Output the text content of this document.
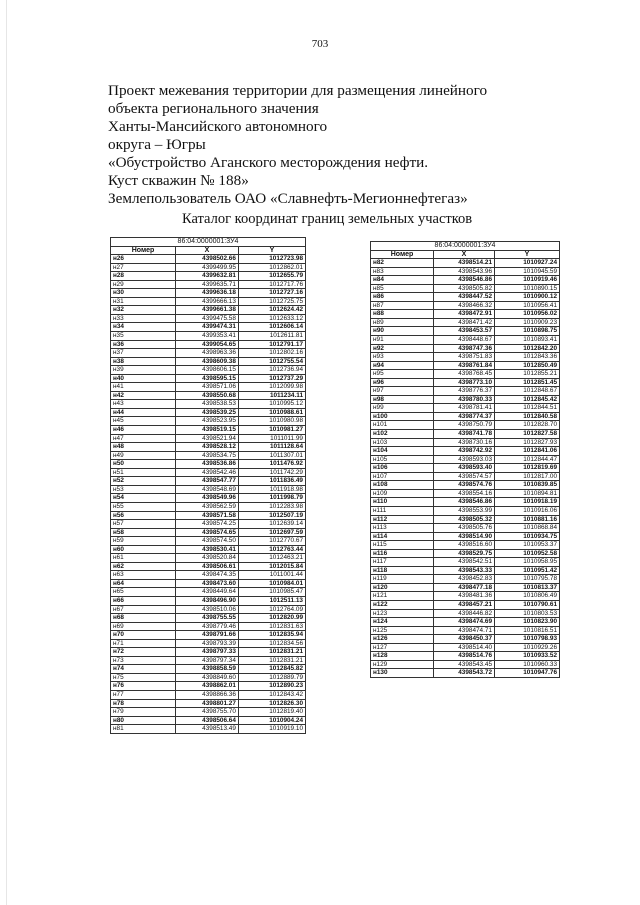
703
Проект межевания территории для размещения линейного
объекта регионального значения
Ханты-Мансийского автономного
округа – Югры
«Обустройство Аганского месторождения нефти.
Куст скважин № 188»
Землепользователь ОАО «Славнефть-Мегионнефтегаз»
Каталог координат границ земельных участков
86:04:0000001:3У4		
Номер	X	Y
н26	4398502.66	1012723.98
н27	4399499.95	1012862.01
н28	4399632.81	1012655.79
н29	4399635.71	1012717.76
н30	4399636.18	1012727.16
н31	4399666.13	1012725.75
н32	4399661.38	1012624.42
н33	4399475.58	1012633.12
н34	4399474.31	1012606.14
н35	4399353.41	1012611.81
н36	4399054.65	1012791.17
н37	4398963.36	1012802.16
н38	4398609.38	1012755.54
н39	4398606.15	1012736.94
н40	4398595.15	1012737.29
н41	4398571.06	1012099.98
н42	4398550.68	1011234.11
н43	4398538.53	1010995.12
н44	4398539.25	1010988.61
н45	4398523.95	1010980.98
н46	4398519.15	1010981.27
н47	4398521.94	1011011.99
н48	4398528.12	1011128.64
н49	4398534.75	1011307.01
н50	4398536.86	1011476.92
н51	4398542.46	1011742.29
н52	4398547.77	1011836.49
н53	4398548.69	1011918.98
н54	4398549.96	1011998.79
н55	4398562.59	1012283.98
н56	4398571.58	1012507.19
н57	4398574.25	1012639.14
н58	4398574.65	1012697.59
н59	4398574.50	1012770.67
н60	4398530.41	1012763.44
н61	4398520.84	1012463.21
н62	4398506.61	1012015.84
н63	4398474.35	1011001.44
н64	4398473.60	1010984.01
н65	4398449.64	1010985.47
н66	4398496.90	1012511.13
н67	4398510.06	1012764.09
н68	4398755.55	1012820.99
н69	4398779.46	1012831.63
н70	4398791.66	1012835.94
н71	4398793.39	1012834.56
н72	4398797.33	1012831.21
н73	4398797.34	1012831.21
н74	4398858.59	1012845.82
н75	4398849.60	1012889.79
н76	4398862.01	1012890.23
н77	4398866.36	1012843.42
н78	4398801.27	1012826.30
н79	4398755.70	1012819.40
н80	4398506.64	1010904.24
н81	4398513.49	1010919.10
86:04:0000001:3У4		
Номер	X	Y
н82	4398514.21	1010927.24
н83	4398543.96	1010945.59
н84	4398546.86	1010919.46
н85	4398505.82	1010890.15
н86	4398447.52	1010900.12
н87	4398466.32	1010956.41
н88	4398472.91	1010956.02
н89	4398471.42	1010909.23
н90	4398453.57	1010898.75
н91	4398448.67	1010893.41
н92	4398747.36	1012842.20
н93	4398751.83	1012843.36
н94	4398761.84	1012850.49
н95	4398768.45	1012855.21
н96	4398773.10	1012851.45
н97	4398776.37	1012848.67
н98	4398780.33	1012845.42
н99	4398781.41	1012844.51
н100	4398774.37	1012840.58
н101	4398750.79	1012828.70
н102	4398741.78	1012827.58
н103	4398730.16	1012827.93
н104	4398742.92	1012841.06
н105	4398593.03	1012844.47
н106	4398593.40	1012819.69
н107	4398574.57	1012817.00
н108	4398574.76	1010839.85
н109	4398554.16	1010894.81
н110	4398546.86	1010918.19
н111	4398553.99	1010916.06
н112	4398505.32	1010881.16
н113	4398505.76	1010868.84
н114	4398514.90	1010934.75
н115	4398516.60	1010953.37
н116	4398529.75	1010952.58
н117	4398542.51	1010958.95
н118	4398543.33	1010951.42
н119	4398452.83	1010795.78
н120	4398477.18	1010813.37
н121	4398481.36	1010806.49
н122	4398457.21	1010790.61
н123	4398446.82	1010803.53
н124	4398474.69	1010823.90
н125	4398474.71	1010816.51
н126	4398450.37	1010798.93
н127	4398514.40	1010929.26
н128	4398514.76	1010933.52
н129	4398543.45	1010960.33
н130	4398543.72	1010947.76
